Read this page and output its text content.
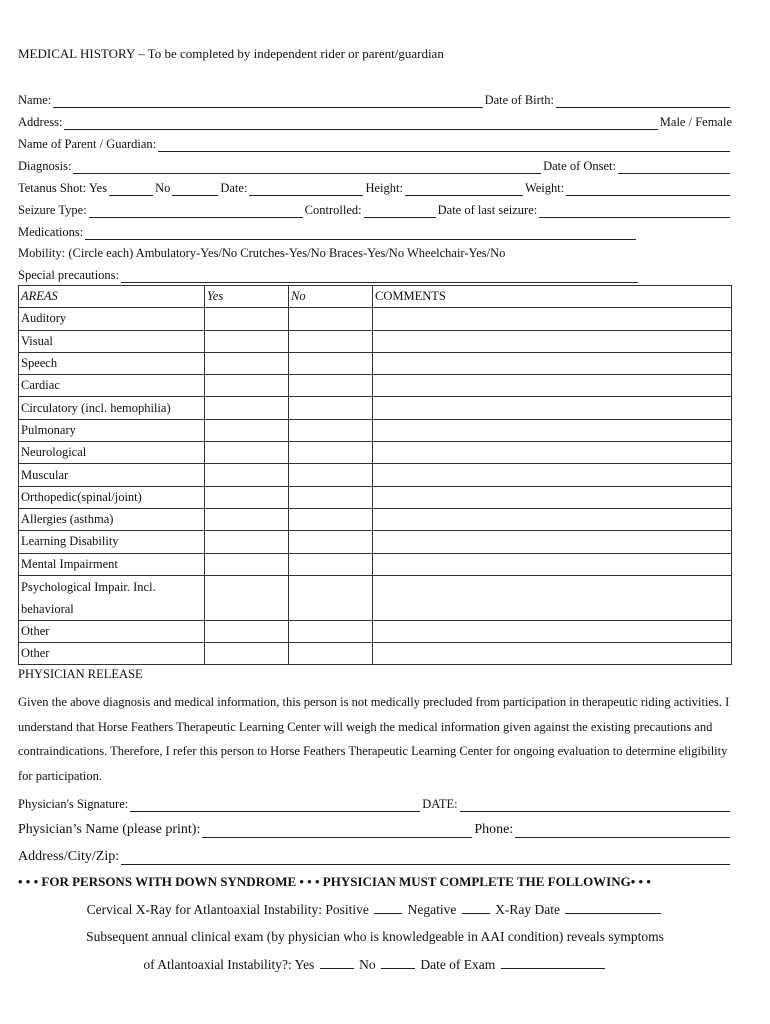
MEDICAL HISTORY – To be completed by independent rider or parent/guardian
Name:	Date of Birth:
Address:	Male / Female
Name of Parent / Guardian:
Diagnosis:	Date of Onset:
Tetanus Shot: Yes	No	Date:	Height:	Weight:
Seizure Type:	Controlled:	Date of last seizure:
Medications:
Mobility: (Circle each) Ambulatory-Yes/No Crutches-Yes/No Braces-Yes/No Wheelchair-Yes/No
Special precautions:
AREAS	Yes	No	COMMENTS
Auditory			
Visual			
Speech			
Cardiac			
Circulatory (incl. hemophilia)			
Pulmonary			
Neurological			
Muscular			
Orthopedic(spinal/joint)			
Allergies (asthma)			
Learning Disability			
Mental Impairment			
Psychological Impair. Incl.
behavioral			
Other			
Other			
PHYSICIAN RELEASE
Given the above diagnosis and medical information, this person is not medically precluded from participation in therapeutic riding activities. I understand that Horse Feathers Therapeutic Learning Center will weigh the medical information given against the existing precautions and contraindications. Therefore, I refer this person to Horse Feathers Therapeutic Learning Center for ongoing evaluation to determine eligibility for participation.
Physician's Signature:	DATE:
Physician’s Name (please print):	Phone:
Address/City/Zip:
• • • FOR PERSONS WITH DOWN SYNDROME • • • PHYSICIAN MUST COMPLETE THE FOLLOWING• • •
Cervical X-Ray for Atlantoaxial Instability: Positive	Negative	X-Ray Date
Subsequent annual clinical exam (by physician who is knowledgeable in AAI condition) reveals symptoms
of Atlantoaxial Instability?: Yes	No	Date of Exam
